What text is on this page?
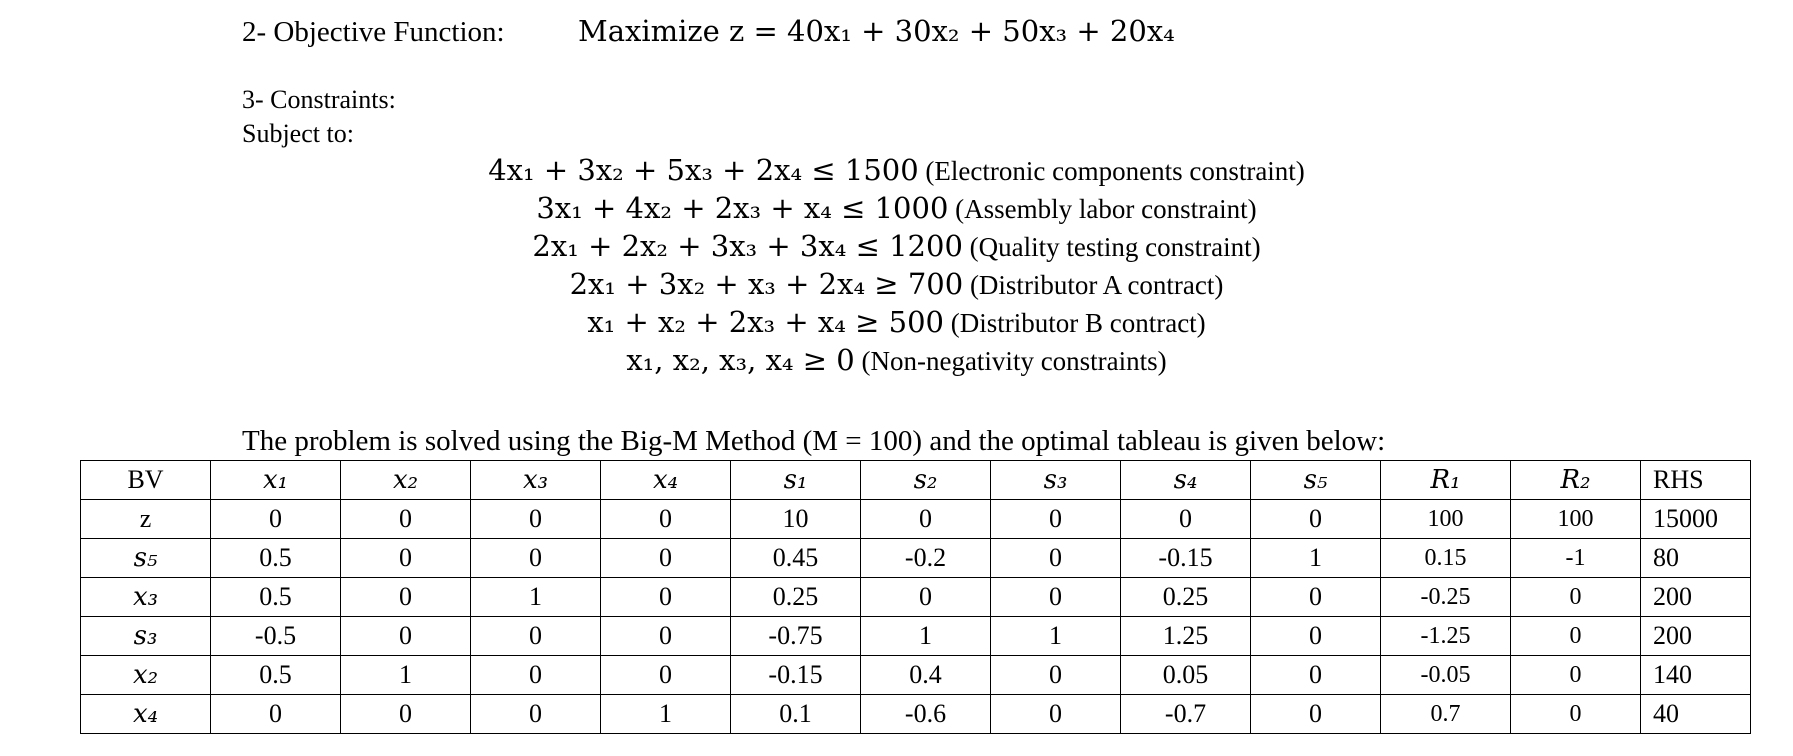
2- Objective Function:	Maximize z = 40x₁ + 30x₂ + 50x₃ + 20x₄
3- Constraints:
Subject to:
4x₁ + 3x₂ + 5x₃ + 2x₄ ≤ 1500 (Electronic components constraint)
3x₁ + 4x₂ + 2x₃ + x₄ ≤ 1000 (Assembly labor constraint)
2x₁ + 2x₂ + 3x₃ + 3x₄ ≤ 1200 (Quality testing constraint)
2x₁ + 3x₂ + x₃ + 2x₄ ≥ 700 (Distributor A contract)
x₁ + x₂ + 2x₃ + x₄ ≥ 500 (Distributor B contract)
x₁, x₂, x₃, x₄ ≥ 0 (Non-negativity constraints)
The problem is solved using the Big-M Method (M = 100) and the optimal tableau is given below:
BV	x₁	x₂	x₃	x₄	s₁	s₂	s₃	s₄	s₅	R₁	R₂	RHS
z	0	0	0	0	10	0	0	0	0	100	100	15000
s₅	0.5	0	0	0	0.45	-0.2	0	-0.15	1	0.15	-1	80
x₃	0.5	0	1	0	0.25	0	0	0.25	0	-0.25	0	200
s₃	-0.5	0	0	0	-0.75	1	1	1.25	0	-1.25	0	200
x₂	0.5	1	0	0	-0.15	0.4	0	0.05	0	-0.05	0	140
x₄	0	0	0	1	0.1	-0.6	0	-0.7	0	0.7	0	40
